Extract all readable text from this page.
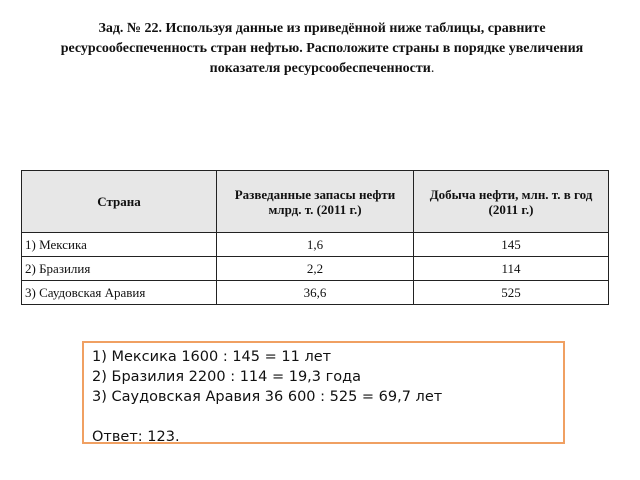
Зад. № 22. Используя данные из приведённой ниже таблицы, сравните ресурсообеспеченность стран нефтью. Расположите страны в порядке увеличения показателя ресурсообеспеченности.
Страна	Разведанные запасы нефти млрд. т. (2011 г.)	Добыча нефти, млн. т. в год (2011 г.)
1) Мексика	1,6	145
2) Бразилия	2,2	114
3) Саудовская Аравия	36,6	525
1) Мексика 1600 : 145 = 11 лет
2) Бразилия 2200 : 114 = 19,3 года
3) Саудовская Аравия 36 600 : 525 = 69,7 лет
Ответ: 123.
